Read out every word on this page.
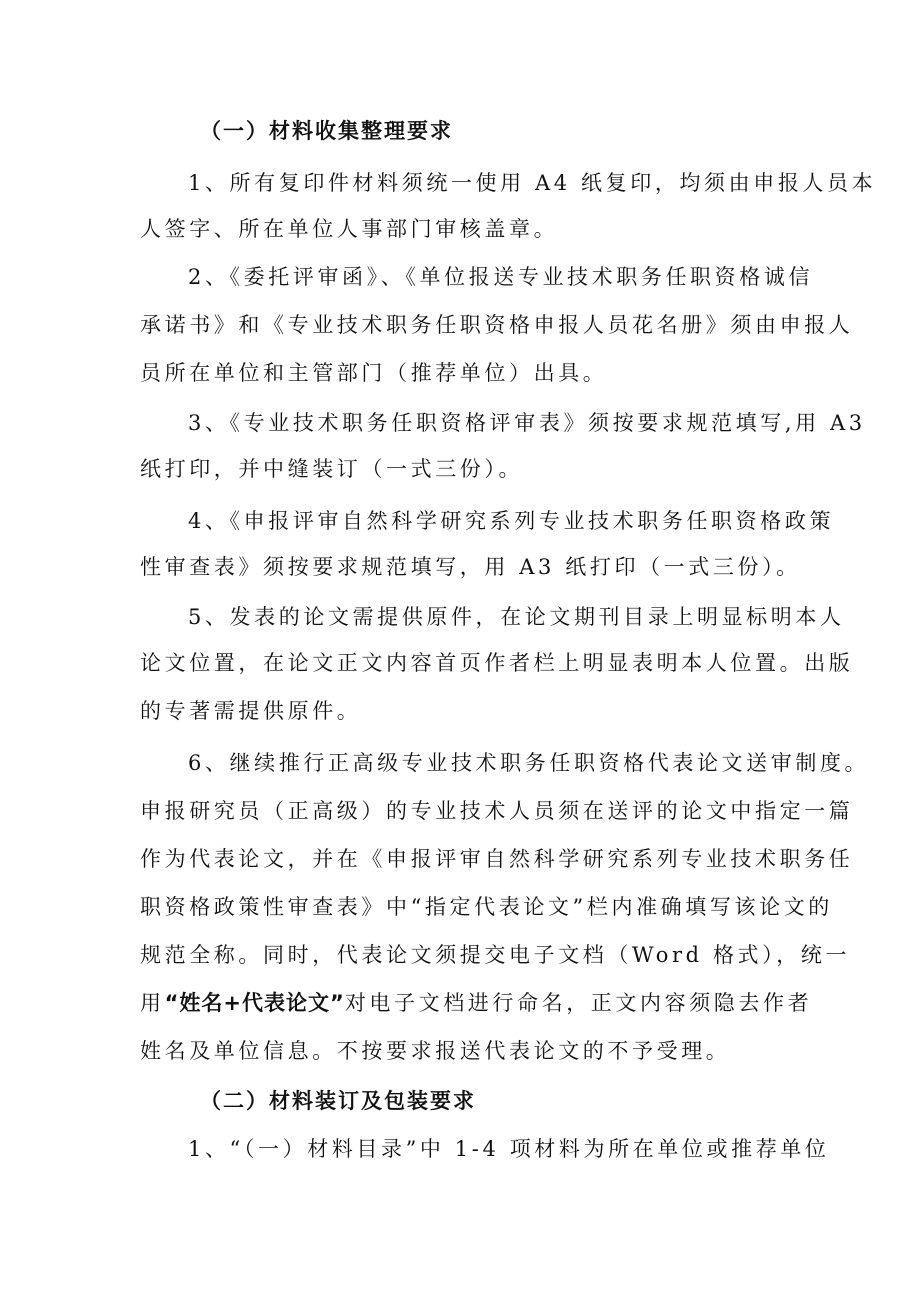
（一）材料收集整理要求
1、所有复印件材料须统一使用 A4 纸复印，均须由申报人员本
人签字、所在单位人事部门审核盖章。
2、《委托评审函》、《单位报送专业技术职务任职资格诚信
承诺书》和《专业技术职务任职资格申报人员花名册》须由申报人
员所在单位和主管部门（推荐单位）出具。
3、《专业技术职务任职资格评审表》须按要求规范填写,用 A3
纸打印，并中缝装订（一式三份）。
4、《申报评审自然科学研究系列专业技术职务任职资格政策
性审查表》须按要求规范填写，用 A3 纸打印（一式三份）。
5、发表的论文需提供原件，在论文期刊目录上明显标明本人
论文位置，在论文正文内容首页作者栏上明显表明本人位置。出版
的专著需提供原件。
6、继续推行正高级专业技术职务任职资格代表论文送审制度。
申报研究员（正高级）的专业技术人员须在送评的论文中指定一篇
作为代表论文，并在《申报评审自然科学研究系列专业技术职务任
职资格政策性审查表》中“指定代表论文”栏内准确填写该论文的
规范全称。同时，代表论文须提交电子文档（Word 格式），统一
用“姓名+代表论文”对电子文档进行命名，正文内容须隐去作者
姓名及单位信息。不按要求报送代表论文的不予受理。
（二）材料装订及包装要求
1、“（一）材料目录”中 1-4 项材料为所在单位或推荐单位
